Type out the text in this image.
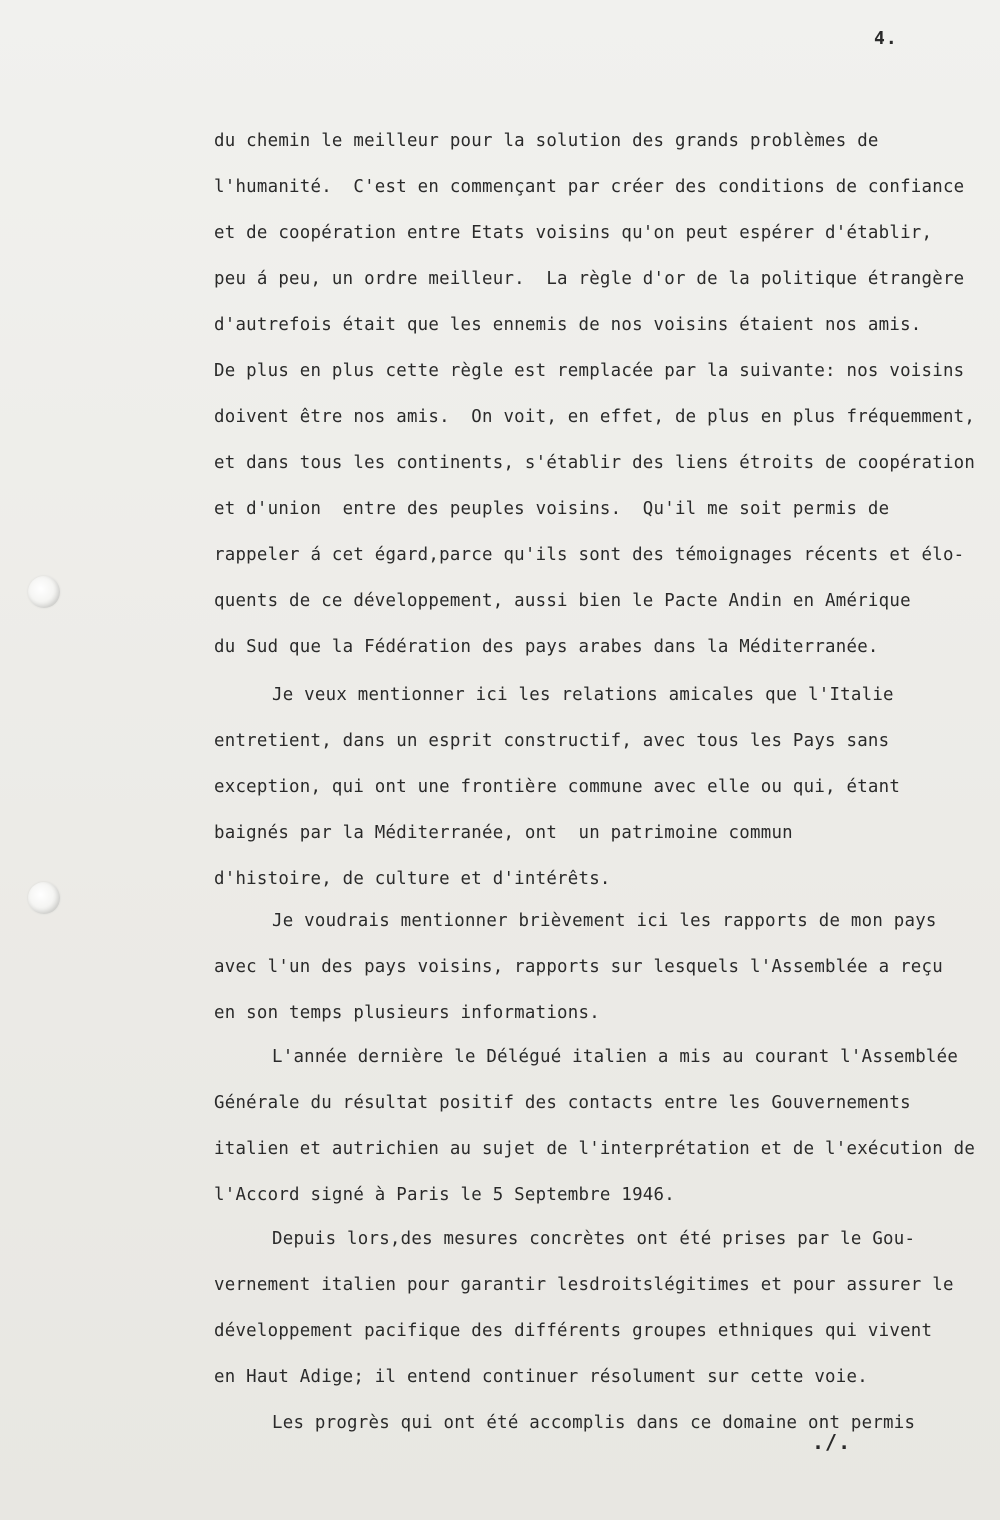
4.
du chemin le meilleur pour la solution des grands problèmes de
l'humanité.  C'est en commençant par créer des conditions de confiance
et de coopération entre Etats voisins qu'on peut espérer d'établir,
peu á peu, un ordre meilleur.  La règle d'or de la politique étrangère
d'autrefois était que les ennemis de nos voisins étaient nos amis.
De plus en plus cette règle est remplacée par la suivante: nos voisins
doivent être nos amis.  On voit, en effet, de plus en plus fréquemment,
et dans tous les continents, s'établir des liens étroits de coopération
et d'union  entre des peuples voisins.  Qu'il me soit permis de
rappeler á cet égard,parce qu'ils sont des témoignages récents et élo-
quents de ce développement, aussi bien le Pacte Andin en Amérique
du Sud que la Fédération des pays arabes dans la Méditerranée.
Je veux mentionner ici les relations amicales que l'Italie
entretient, dans un esprit constructif, avec tous les Pays sans
exception, qui ont une frontière commune avec elle ou qui, étant
baignés par la Méditerranée, ont  un patrimoine commun
d'histoire, de culture et d'intérêts.
Je voudrais mentionner brièvement ici les rapports de mon pays
avec l'un des pays voisins, rapports sur lesquels l'Assemblée a reçu
en son temps plusieurs informations.
L'année dernière le Délégué italien a mis au courant l'Assemblée
Générale du résultat positif des contacts entre les Gouvernements
italien et autrichien au sujet de l'interprétation et de l'exécution de
l'Accord signé à Paris le 5 Septembre 1946.
Depuis lors,des mesures concrètes ont été prises par le Gou-
vernement italien pour garantir lesdroitslégitimes et pour assurer le
développement pacifique des différents groupes ethniques qui vivent
en Haut Adige; il entend continuer résolument sur cette voie.
Les progrès qui ont été accomplis dans ce domaine ont permis
./.
